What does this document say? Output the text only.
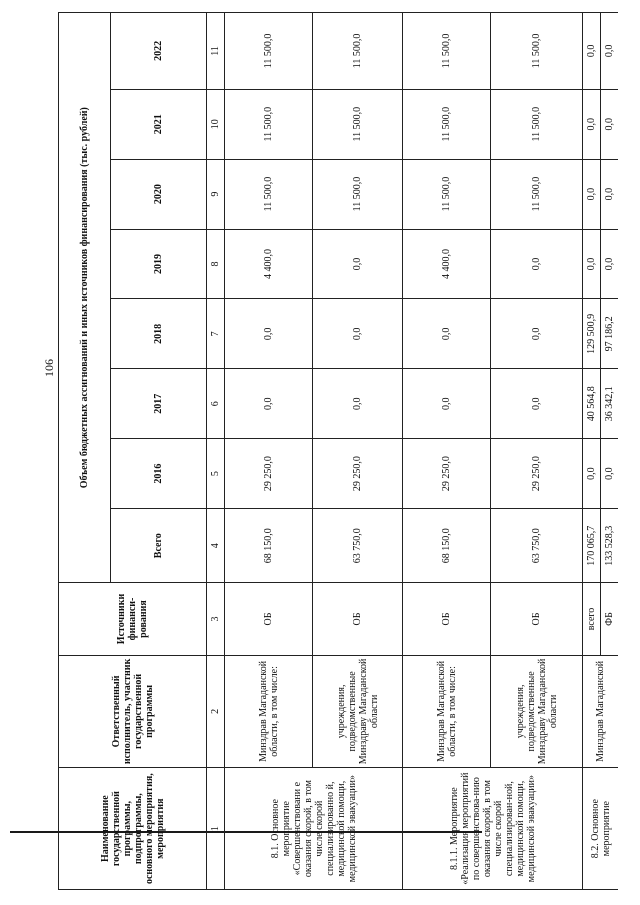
106
Наименование государственной программы, подпрограммы, основного мероприятия, мероприятия	Ответственный исполнитель, участник государственной программы	Источники финанси-рования	Объем бюджетных ассигнований и иных источников финансирования (тыс. рублей)							
			Всего	2016	2017	2018	2019	2020	2021	2022
1	2	3	4	5	6	7	8	9	10	11
8.1. Основное мероприятие «Совершенствовани е оказания скорой, в том числе скорой специализированно й, медицинской помощи, медицинской эвакуации»	Минздрав Магаданской области, в том числе:	ОБ	68 150,0	29 250,0	0,0	0,0	4 400,0	11 500,0	11 500,0	11 500,0
	учреждения, подведомственные Минздраву Магаданской области	ОБ	63 750,0	29 250,0	0,0	0,0	0,0	11 500,0	11 500,0	11 500,0
8.1.1. Мероприятие «Реализация мероприятий по совершенствова-нию оказания скорой, в том числе скорой специализирован-ной, медицинской помощи, медицинской эвакуации»	Минздрав Магаданской области, в том числе:	ОБ	68 150,0	29 250,0	0,0	0,0	4 400,0	11 500,0	11 500,0	11 500,0
	учреждения, подведомственные Минздраву Магаданской области	ОБ	63 750,0	29 250,0	0,0	0,0	0,0	11 500,0	11 500,0	11 500,0
8.2. Основное мероприятие	Минздрав Магаданской	всего	170 065,7	0,0	40 564,8	129 500,9	0,0	0,0	0,0	0,0
		ФБ	133 528,3	0,0	36 342,1	97 186,2	0,0	0,0	0,0	0,0
